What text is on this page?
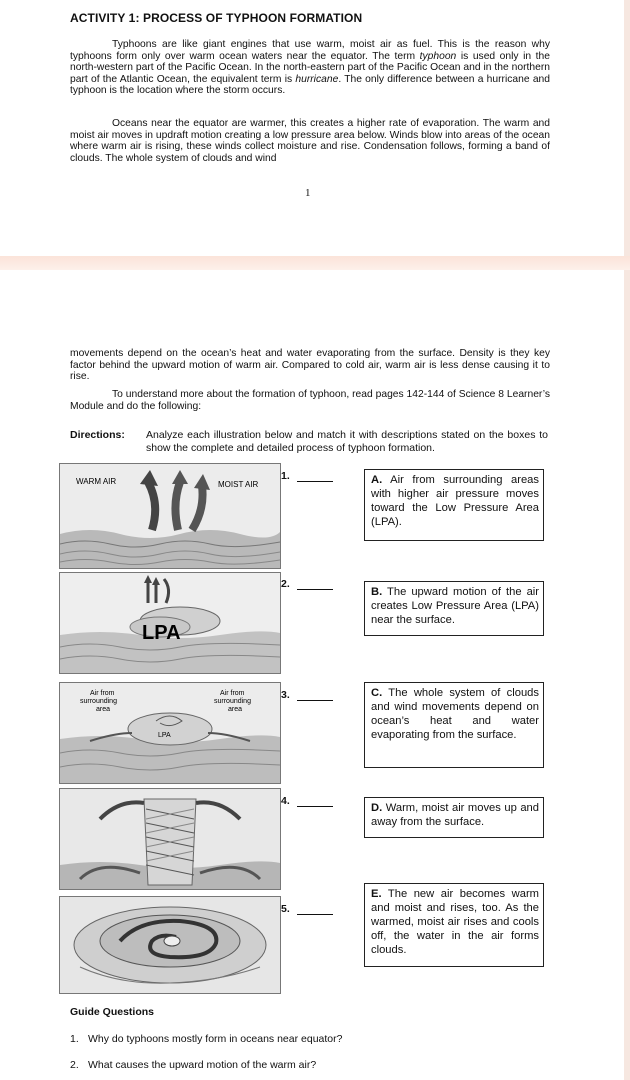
ACTIVITY 1: PROCESS OF TYPHOON FORMATION
Typhoons are like giant engines that use warm, moist air as fuel. This is the reason why typhoons form only over warm ocean waters near the equator. The term typhoon is used only in the north-western part of the Pacific Ocean. In the north-eastern part of the Pacific Ocean and in the northern part of the Atlantic Ocean, the equivalent term is hurricane. The only difference between a hurricane and typhoon is the location where the storm occurs.
Oceans near the equator are warmer, this creates a higher rate of evaporation. The warm and moist air moves in updraft motion creating a low pressure area below. Winds blow into areas of the ocean where warm air is rising, these winds collect moisture and rise. Condensation follows, forming a band of clouds. The whole system of clouds and wind
1
movements depend on the ocean’s heat and water evaporating from the surface. Density is they key factor behind the upward motion of warm air. Compared to cold air, warm air is less dense causing it to rise.
To understand more about the formation of typhoon, read pages 142-144 of Science 8 Learner’s Module and do the following:
Directions: Analyze each illustration below and match it with descriptions stated on the boxes to show the complete and detailed process of typhoon formation.
WARM AIR	MOIST AIR
LPA
Air from
surrounding
area
Air from
surrounding
area
LPA
1.
2.
3.
4.
5.
A. Air from surrounding areas with higher air pressure moves toward the Low Pressure Area (LPA).
B. The upward motion of the air creates Low Pressure Area (LPA) near the surface.
C. The whole system of clouds and wind movements depend on ocean’s heat and water evaporating from the surface.
D. Warm, moist air moves up and away from the surface.
E. The new air becomes warm and moist and rises, too. As the warmed, moist air rises and cools off, the water in the air forms clouds.
Guide Questions
1. Why do typhoons mostly form in oceans near equator?
2. What causes the upward motion of the warm air?
